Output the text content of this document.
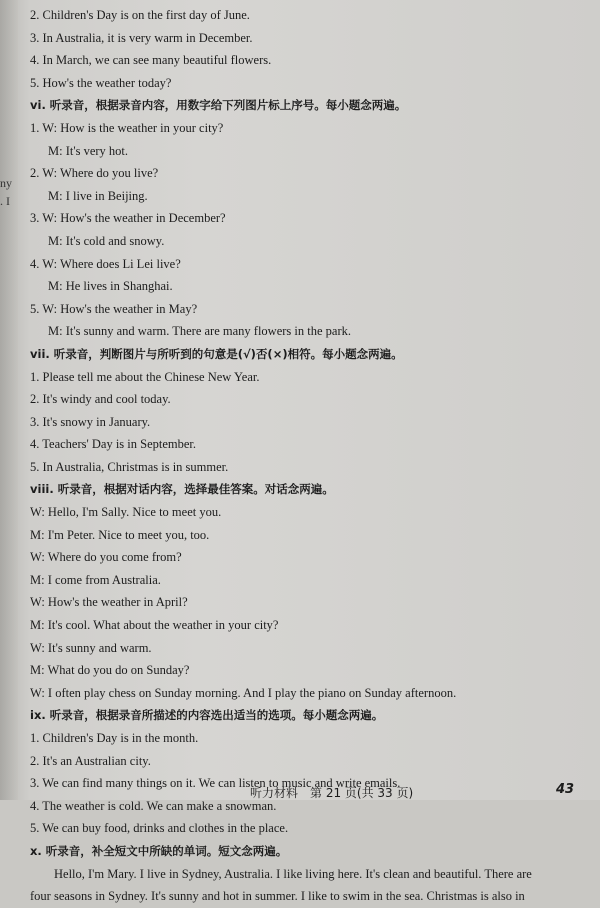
ny
. I
2. Children's Day is on the first day of June.
3. In Australia, it is very warm in December.
4. In March, we can see many beautiful flowers.
5. How's the weather today?
vi. 听录音，根据录音内容，用数字给下列图片标上序号。每小题念两遍。
1. W: How is the weather in your city?
M: It's very hot.
2. W: Where do you live?
M: I live in Beijing.
3. W: How's the weather in December?
M: It's cold and snowy.
4. W: Where does Li Lei live?
M: He lives in Shanghai.
5. W: How's the weather in May?
M: It's sunny and warm. There are many flowers in the park.
vii. 听录音，判断图片与所听到的句意是(√)否(×)相符。每小题念两遍。
1. Please tell me about the Chinese New Year.
2. It's windy and cool today.
3. It's snowy in January.
4. Teachers' Day is in September.
5. In Australia, Christmas is in summer.
viii. 听录音，根据对话内容，选择最佳答案。对话念两遍。
W: Hello, I'm Sally. Nice to meet you.
M: I'm Peter. Nice to meet you, too.
W: Where do you come from?
M: I come from Australia.
W: How's the weather in April?
M: It's cool. What about the weather in your city?
W: It's sunny and warm.
M: What do you do on Sunday?
W: I often play chess on Sunday morning. And I play the piano on Sunday afternoon.
ix. 听录音，根据录音所描述的内容选出适当的选项。每小题念两遍。
1. Children's Day is in the month.
2. It's an Australian city.
3. We can find many things on it. We can listen to music and write emails.
4. The weather is cold. We can make a snowman.
5. We can buy food, drinks and clothes in the place.
x. 听录音，补全短文中所缺的单词。短文念两遍。
Hello, I'm Mary. I live in Sydney, Australia. I like living here. It's clean and beautiful. There are
four seasons in Sydney. It's sunny and hot in summer. I like to swim in the sea. Christmas is also in
听力材料　第 21 页(共 33 页)	43
